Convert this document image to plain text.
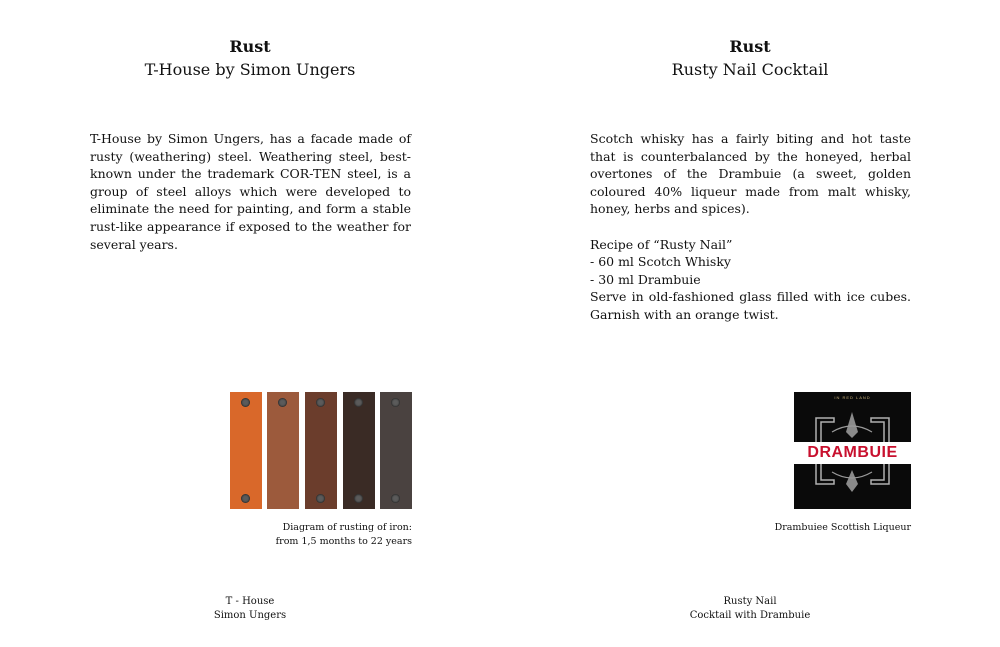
Rust
T-House by Simon Ungers

T-House by Simon Ungers, has a facade made of rusty (weathering) steel. Weathering steel, best-known under the trademark COR-TEN steel, is a group of steel alloys which were developed to eliminate the need for painting, and form a stable rust-like appearance if exposed to the weather for several years.

Diagram of rusting of iron:

from 1,5 months to 22 years

T - House

Simon Ungers

Rust
Rusty Nail Cocktail

Scotch whisky has a fairly biting and hot taste that is counterbalanced by the honeyed, herbal overtones of the Drambuie (a sweet, golden coloured 40% liqueur made from malt whisky, honey, herbs and spices).

Recipe of “Rusty Nail”

- 60 ml Scotch Whisky

- 30 ml Drambuie

Serve in old-fashioned glass filled with ice cubes. Garnish with an orange twist.

IN RED LAND
DRAMBUIE

Drambuiee Scottish Liqueur

Rusty Nail

Cocktail with Drambuie
